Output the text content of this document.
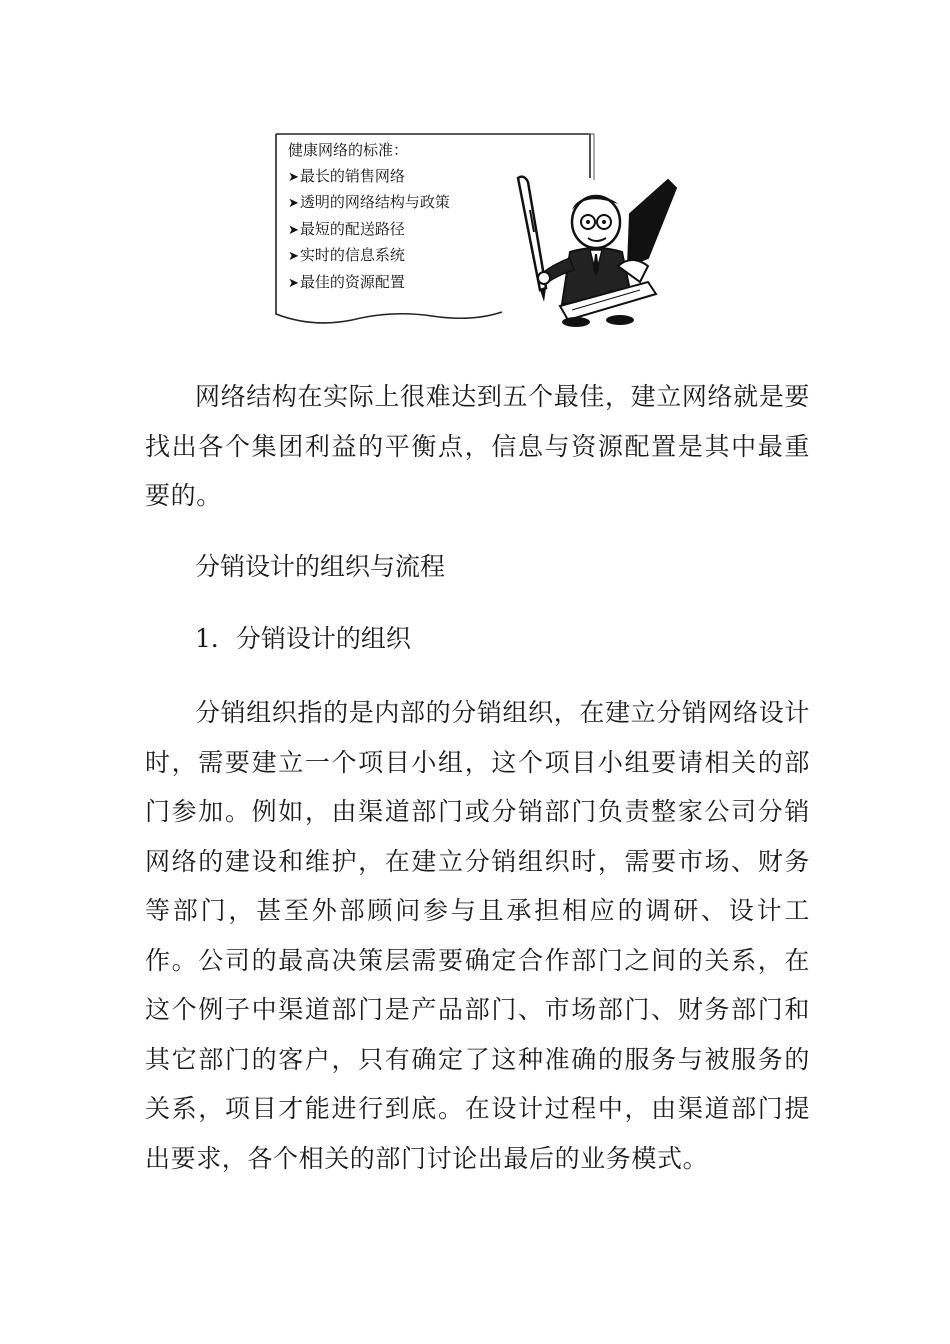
健康网络的标准：
➤最长的销售网络
➤透明的网络结构与政策
➤最短的配送路径
➤实时的信息系统
➤最佳的资源配置
网络结构在实际上很难达到五个最佳，建立网络就是要找出各个集团利益的平衡点，信息与资源配置是其中最重要的。
分销设计的组织与流程
1．分销设计的组织
分销组织指的是内部的分销组织，在建立分销网络设计时，需要建立一个项目小组，这个项目小组要请相关的部门参加。例如，由渠道部门或分销部门负责整家公司分销网络的建设和维护，在建立分销组织时，需要市场、财务等部门，甚至外部顾问参与且承担相应的调研、设计工作。公司的最高决策层需要确定合作部门之间的关系，在这个例子中渠道部门是产品部门、市场部门、财务部门和其它部门的客户，只有确定了这种准确的服务与被服务的关系，项目才能进行到底。在设计过程中，由渠道部门提出要求，各个相关的部门讨论出最后的业务模式。
